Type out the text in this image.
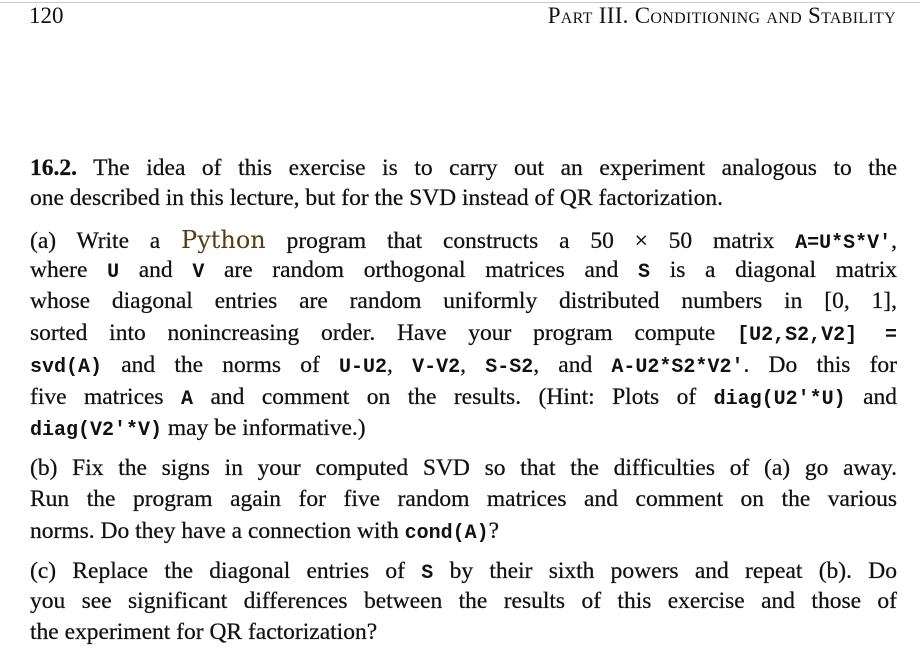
120	Part III. Conditioning and Stability
16.2. The idea of this exercise is to carry out an experiment analogous to the
one described in this lecture, but for the SVD instead of QR factorization.
(a) Write a Python program that constructs a 50 × 50 matrix A=U*S*V',
where U and V are random orthogonal matrices and S is a diagonal matrix
whose diagonal entries are random uniformly distributed numbers in [0, 1],
sorted into nonincreasing order. Have your program compute [U2,S2,V2] =
svd(A) and the norms of U-U2, V-V2, S-S2, and A-U2*S2*V2'. Do this for
five matrices A and comment on the results. (Hint: Plots of diag(U2'*U) and
diag(V2'*V) may be informative.)
(b) Fix the signs in your computed SVD so that the difficulties of (a) go away.
Run the program again for five random matrices and comment on the various
norms. Do they have a connection with cond(A)?
(c) Replace the diagonal entries of S by their sixth powers and repeat (b). Do
you see significant differences between the results of this exercise and those of
the experiment for QR factorization?
